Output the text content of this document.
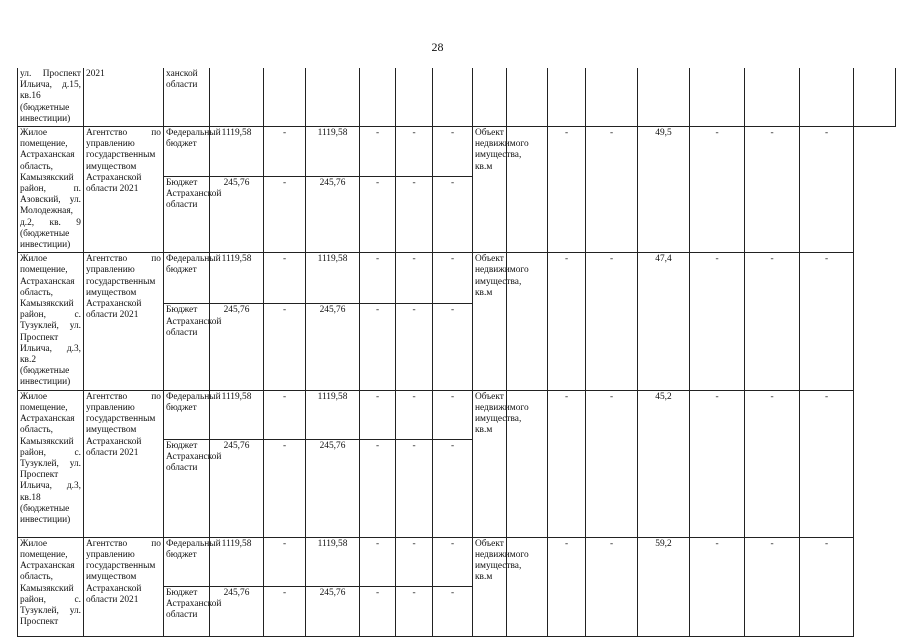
28
ул. Проспект Ильича, д.15, кв.16 (бюджетные инвестиции)	2021	ханской области															
Жилое помещение, Астраханская область, Камызякский район, п. Азовский, ул. Молодежная, д.2, кв. 9 (бюджетные инвестиции)	Агентство по управлению государственным имуществом Астраханской области 2021	Федеральный бюджет	1119,58	-	1119,58	-	-	-	Объект недвижимого имущества, кв.м		-	-	49,5	-	-	-	
		Бюджет Астраханской области	245,76	-	245,76	-	-	-									
Жилое помещение, Астраханская область, Камызякский район, с. Тузуклей, ул. Проспект Ильича, д.3, кв.2 (бюджетные инвестиции)	Агентство по управлению государственным имуществом Астраханской области 2021	Федеральный бюджет	1119,58	-	1119,58	-	-	-	Объект недвижимого имущества, кв.м		-	-	47,4	-	-	-	
		Бюджет Астраханской области	245,76	-	245,76	-	-	-									
Жилое помещение, Астраханская область, Камызякский район, с. Тузуклей, ул. Проспект Ильича, д.3, кв.18 (бюджетные инвестиции)	Агентство по управлению государственным имуществом Астраханской области 2021	Федеральный бюджет	1119,58	-	1119,58	-	-	-	Объект недвижимого имущества, кв.м		-	-	45,2	-	-	-	
		Бюджет Астраханской области	245,76	-	245,76	-	-	-									
Жилое помещение, Астраханская область, Камызякский район, с. Тузуклей, ул. Проспект	Агентство по управлению государственным имуществом Астраханской области 2021	Федеральный бюджет	1119,58	-	1119,58	-	-	-	Объект недвижимого имущества, кв.м		-	-	59,2	-	-	-	
		Бюджет Астраханской области	245,76	-	245,76	-	-	-									
